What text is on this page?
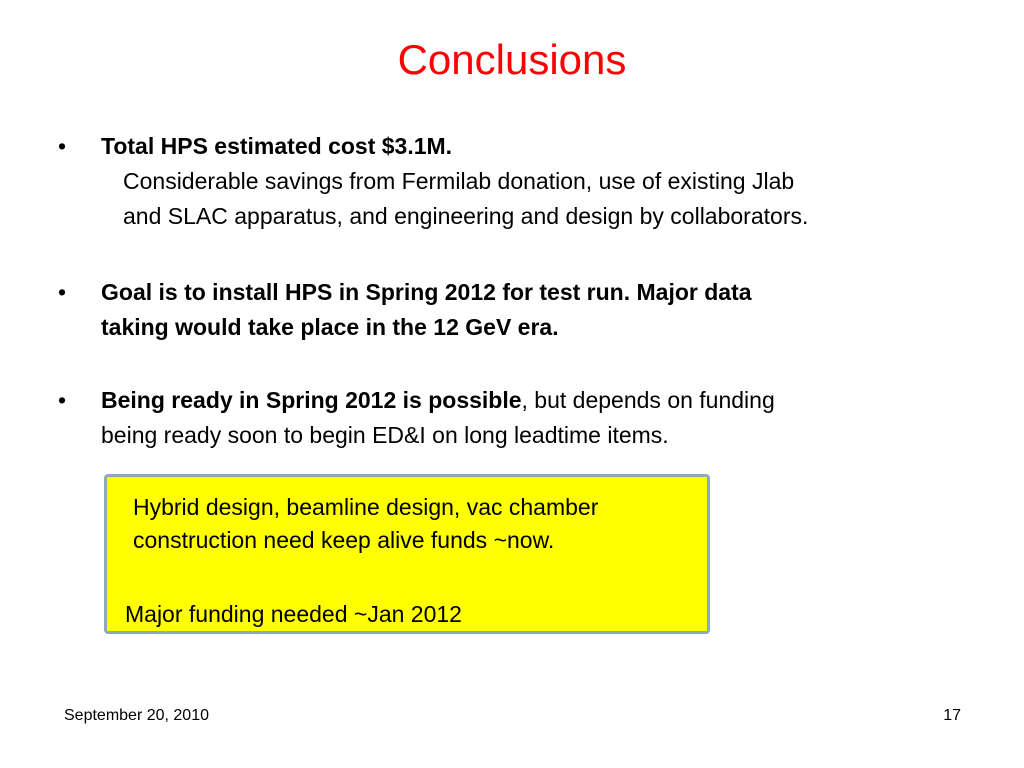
Conclusions
• Total HPS estimated cost $3.1M.
Considerable savings from Fermilab donation, use of existing Jlab
and SLAC apparatus, and engineering and design by collaborators.
• Goal is to install HPS in Spring 2012 for test run. Major data
taking would take place in the 12 GeV era.
• Being ready in Spring 2012 is possible, but depends on funding
being ready soon to begin ED&I on long leadtime items.
Hybrid design, beamline design, vac chamber
construction need keep alive funds ~now.
Major funding needed ~Jan 2012
September 20, 2010	17
